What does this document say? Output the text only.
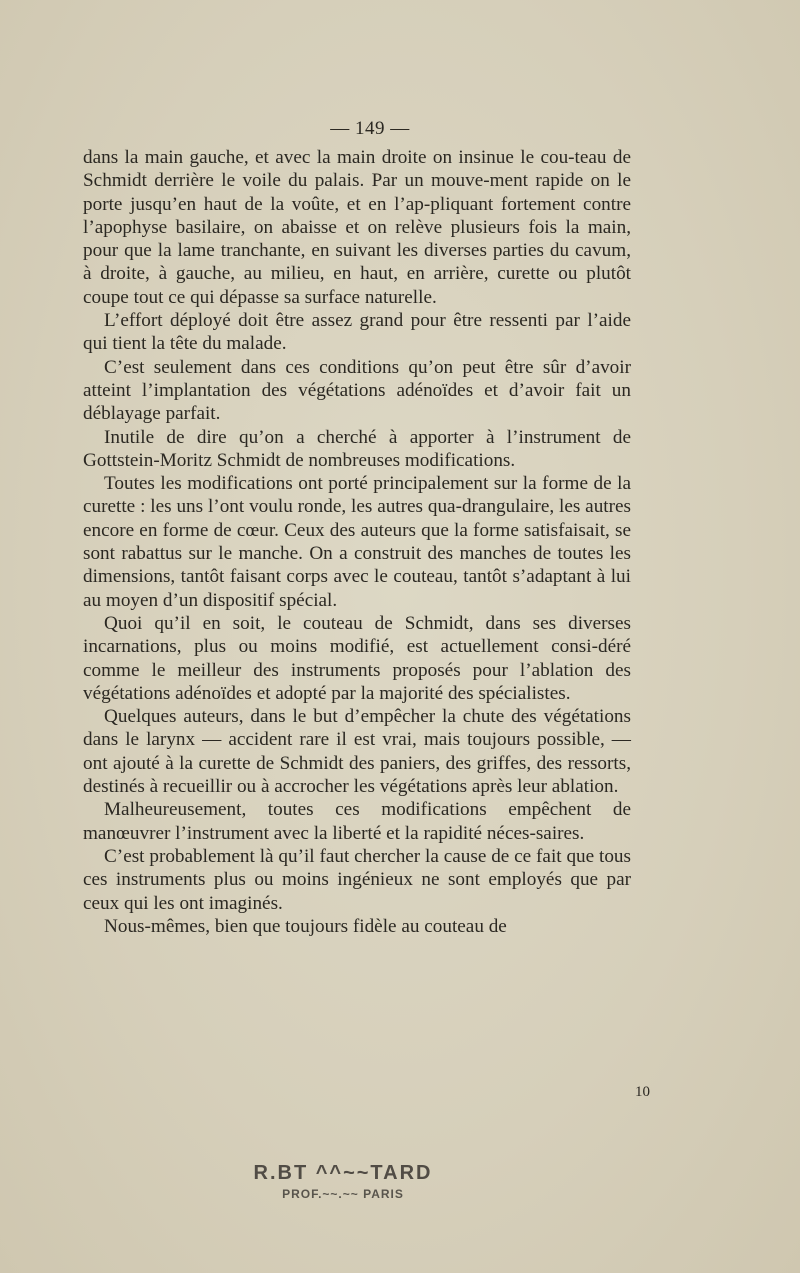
— 149 —

dans la main gauche, et avec la main droite on insinue le cou-teau de Schmidt derrière le voile du palais. Par un mouve-ment rapide on le porte jusqu’en haut de la voûte, et en l’ap-pliquant fortement contre l’apophyse basilaire, on abaisse et on relève plusieurs fois la main, pour que la lame tranchante, en suivant les diverses parties du cavum, à droite, à gauche, au milieu, en haut, en arrière, curette ou plutôt coupe tout ce qui dépasse sa surface naturelle.

L’effort déployé doit être assez grand pour être ressenti par l’aide qui tient la tête du malade.

C’est seulement dans ces conditions qu’on peut être sûr d’avoir atteint l’implantation des végétations adénoïdes et d’avoir fait un déblayage parfait.

Inutile de dire qu’on a cherché à apporter à l’instrument de Gottstein-Moritz Schmidt de nombreuses modifications.

Toutes les modifications ont porté principalement sur la forme de la curette : les uns l’ont voulu ronde, les autres qua-drangulaire, les autres encore en forme de cœur. Ceux des auteurs que la forme satisfaisait, se sont rabattus sur le manche. On a construit des manches de toutes les dimensions, tantôt faisant corps avec le couteau, tantôt s’adaptant à lui au moyen d’un dispositif spécial.

Quoi qu’il en soit, le couteau de Schmidt, dans ses diverses incarnations, plus ou moins modifié, est actuellement consi-déré comme le meilleur des instruments proposés pour l’ablation des végétations adénoïdes et adopté par la majorité des spécialistes.

Quelques auteurs, dans le but d’empêcher la chute des végétations dans le larynx — accident rare il est vrai, mais toujours possible, — ont ajouté à la curette de Schmidt des paniers, des griffes, des ressorts, destinés à recueillir ou à accrocher les végétations après leur ablation.

Malheureusement, toutes ces modifications empêchent de manœuvrer l’instrument avec la liberté et la rapidité néces-saires.

C’est probablement là qu’il faut chercher la cause de ce fait que tous ces instruments plus ou moins ingénieux ne sont employés que par ceux qui les ont imaginés.

Nous-mêmes, bien que toujours fidèle au couteau de

10
R.BT ^^~~TARD
PROF.~~.~~ PARIS
